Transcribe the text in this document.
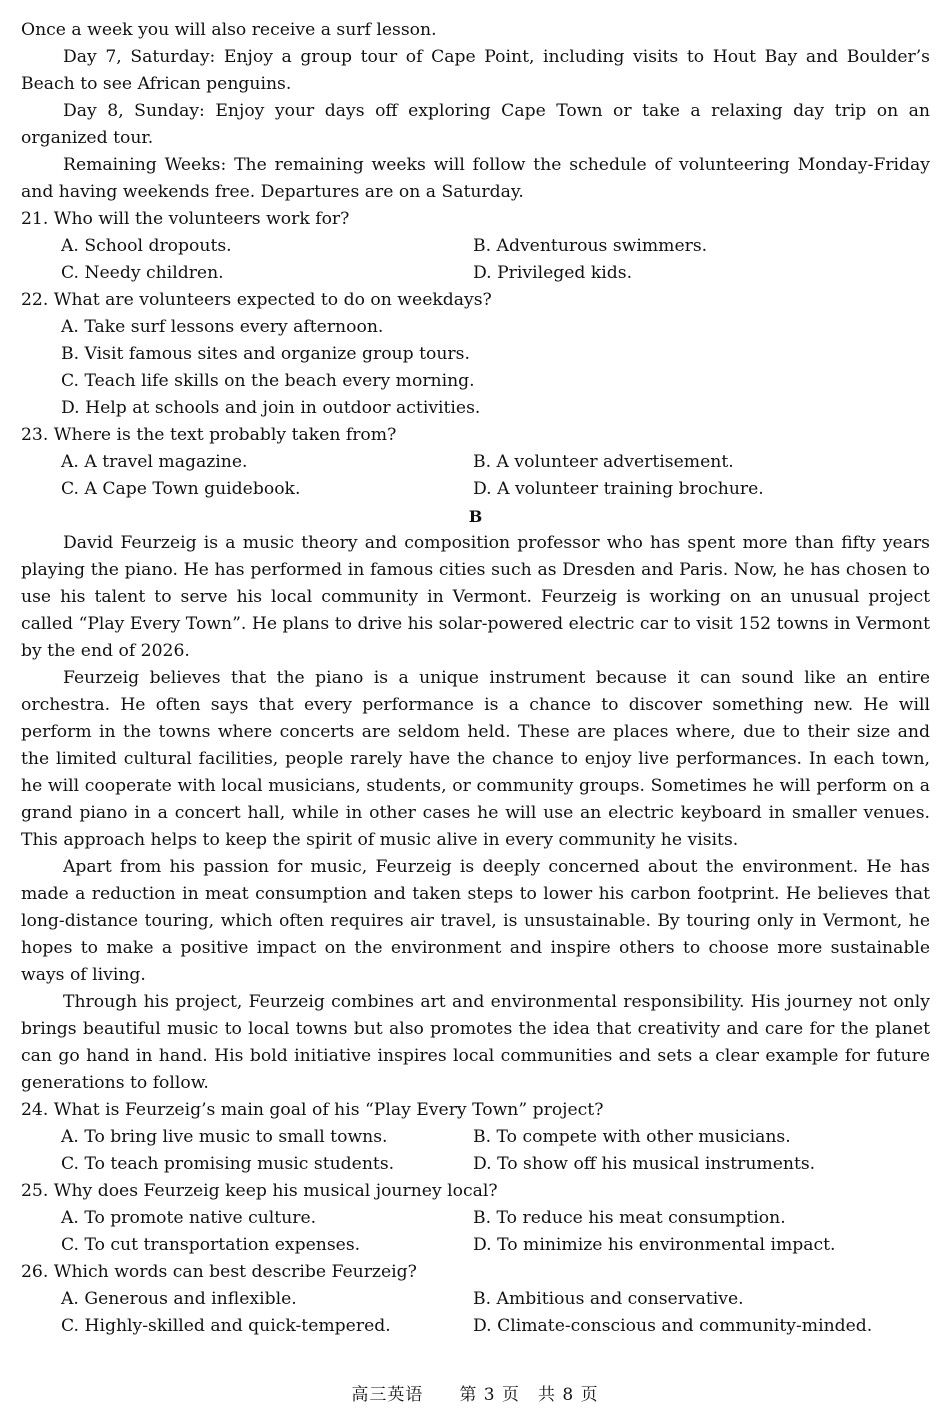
Once a week you will also receive a surf lesson.

Day 7, Saturday: Enjoy a group tour of Cape Point, including visits to Hout Bay and Boulder’s Beach to see African penguins.

Day 8, Sunday: Enjoy your days off exploring Cape Town or take a relaxing day trip on an organized tour.

Remaining Weeks: The remaining weeks will follow the schedule of volunteering Monday-Friday and having weekends free. Departures are on a Saturday.

21. Who will the volunteers work for?

A. School dropouts.	B. Adventurous swimmers.
C. Needy children.	D. Privileged kids.

22. What are volunteers expected to do on weekdays?

A. Take surf lessons every afternoon.

B. Visit famous sites and organize group tours.

C. Teach life skills on the beach every morning.

D. Help at schools and join in outdoor activities.

23. Where is the text probably taken from?

A. A travel magazine.	B. A volunteer advertisement.
C. A Cape Town guidebook.	D. A volunteer training brochure.

B

David Feurzeig is a music theory and composition professor who has spent more than fifty years playing the piano. He has performed in famous cities such as Dresden and Paris. Now, he has chosen to use his talent to serve his local community in Vermont. Feurzeig is working on an unusual project called “Play Every Town”. He plans to drive his solar-powered electric car to visit 152 towns in Vermont by the end of 2026.

Feurzeig believes that the piano is a unique instrument because it can sound like an entire orchestra. He often says that every performance is a chance to discover something new. He will perform in the towns where concerts are seldom held. These are places where, due to their size and the limited cultural facilities, people rarely have the chance to enjoy live performances. In each town, he will cooperate with local musicians, students, or community groups. Sometimes he will perform on a grand piano in a concert hall, while in other cases he will use an electric keyboard in smaller venues. This approach helps to keep the spirit of music alive in every community he visits.

Apart from his passion for music, Feurzeig is deeply concerned about the environment. He has made a reduction in meat consumption and taken steps to lower his carbon footprint. He believes that long-distance touring, which often requires air travel, is unsustainable. By touring only in Vermont, he hopes to make a positive impact on the environment and inspire others to choose more sustainable ways of living.

Through his project, Feurzeig combines art and environmental responsibility. His journey not only brings beautiful music to local towns but also promotes the idea that creativity and care for the planet can go hand in hand. His bold initiative inspires local communities and sets a clear example for future generations to follow.

24. What is Feurzeig’s main goal of his “Play Every Town” project?

A. To bring live music to small towns.	B. To compete with other musicians.
C. To teach promising music students.	D. To show off his musical instruments.

25. Why does Feurzeig keep his musical journey local?

A. To promote native culture.	B. To reduce his meat consumption.
C. To cut transportation expenses.	D. To minimize his environmental impact.

26. Which words can best describe Feurzeig?

A. Generous and inflexible.	B. Ambitious and conservative.
C. Highly-skilled and quick-tempered.	D. Climate-conscious and community-minded.
高三英语　　第 3 页　共 8 页
